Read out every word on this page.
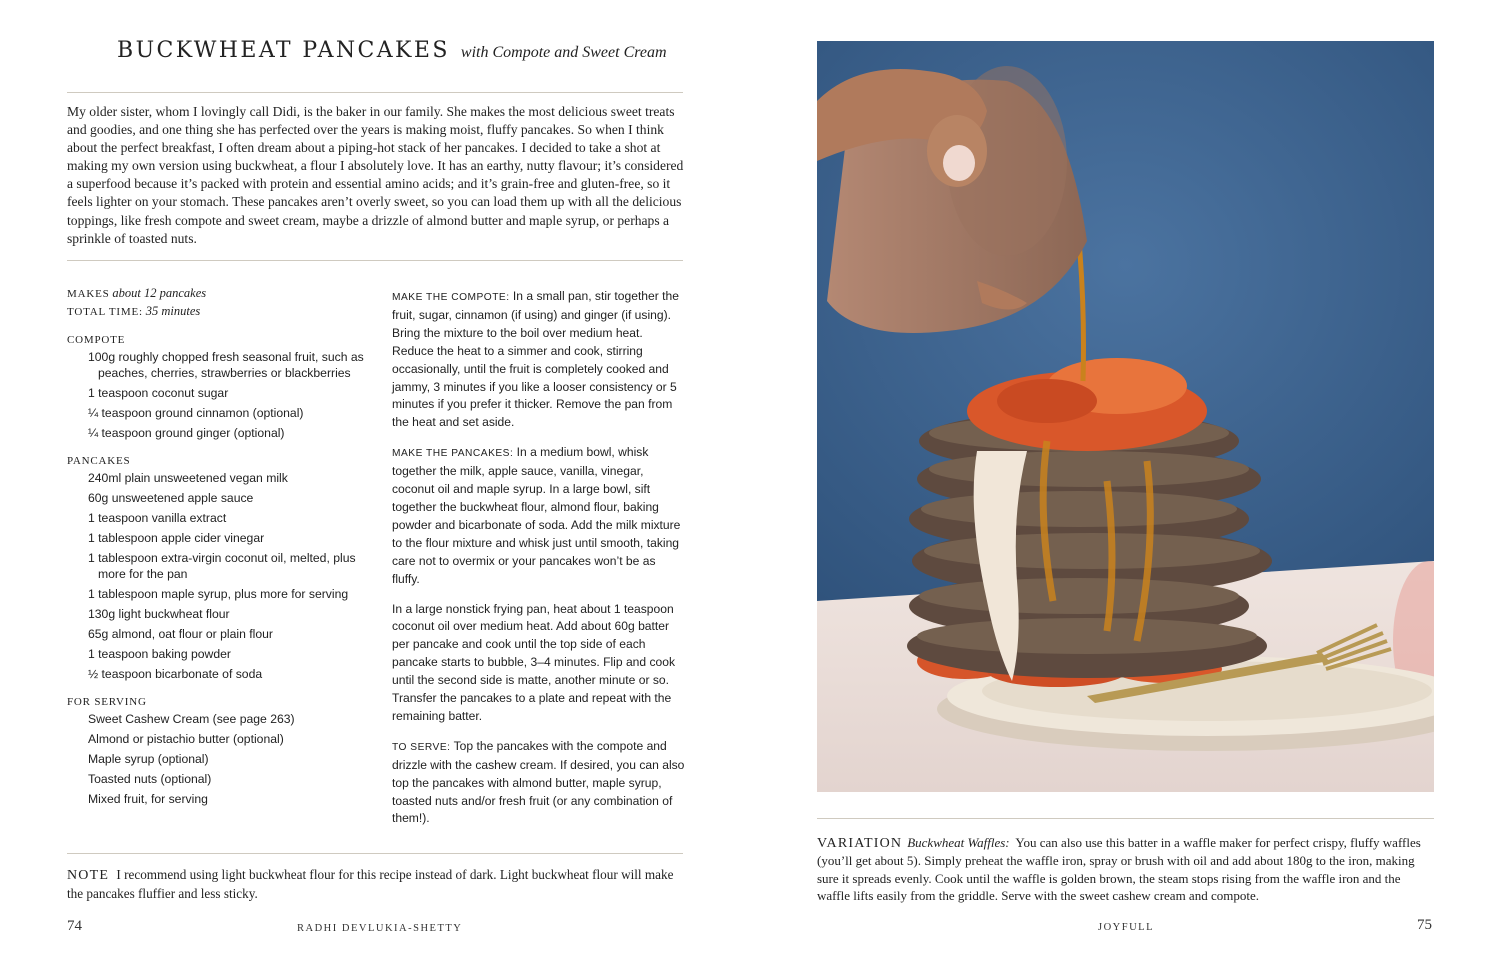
BUCKWHEAT PANCAKES with Compote and Sweet Cream

My older sister, whom I lovingly call Didi, is the baker in our family. She makes the most delicious sweet treats and goodies, and one thing she has perfected over the years is making moist, fluffy pancakes. So when I think about the perfect breakfast, I often dream about a piping-hot stack of her pancakes. I decided to take a shot at making my own version using buckwheat, a flour I absolutely love. It has an earthy, nutty flavour; it’s considered a superfood because it’s packed with protein and essential amino acids; and it’s grain-free and gluten-free, so it feels lighter on your stomach. These pancakes aren’t overly sweet, so you can load them up with all the delicious toppings, like fresh compote and sweet cream, maybe a drizzle of almond butter and maple syrup, or perhaps a sprinkle of toasted nuts.

MAKES about 12 pancakes
TOTAL TIME: 35 minutes
COMPOTE
100g roughly chopped fresh seasonal fruit, such as peaches, cherries, strawberries or blackberries
1 teaspoon coconut sugar
¼ teaspoon ground cinnamon (optional)
¼ teaspoon ground ginger (optional)
PANCAKES
240ml plain unsweetened vegan milk
60g unsweetened apple sauce
1 teaspoon vanilla extract
1 tablespoon apple cider vinegar
1 tablespoon extra-virgin coconut oil, melted, plus more for the pan
1 tablespoon maple syrup, plus more for serving
130g light buckwheat flour
65g almond, oat flour or plain flour
1 teaspoon baking powder
½ teaspoon bicarbonate of soda
FOR SERVING
Sweet Cashew Cream (see page 263)
Almond or pistachio butter (optional)
Maple syrup (optional)
Toasted nuts (optional)
Mixed fruit, for serving

MAKE THE COMPOTE: In a small pan, stir together the fruit, sugar, cinnamon (if using) and ginger (if using). Bring the mixture to the boil over medium heat. Reduce the heat to a simmer and cook, stirring occasionally, until the fruit is completely cooked and jammy, 3 minutes if you like a looser consistency or 5 minutes if you prefer it thicker. Remove the pan from the heat and set aside.

MAKE THE PANCAKES: In a medium bowl, whisk together the milk, apple sauce, vanilla, vinegar, coconut oil and maple syrup. In a large bowl, sift together the buckwheat flour, almond flour, baking powder and bicarbonate of soda. Add the milk mixture to the flour mixture and whisk just until smooth, taking care not to overmix or your pancakes won’t be as fluffy.

In a large nonstick frying pan, heat about 1 teaspoon coconut oil over medium heat. Add about 60g batter per pancake and cook until the top side of each pancake starts to bubble, 3–4 minutes. Flip and cook until the second side is matte, another minute or so. Transfer the pancakes to a plate and repeat with the remaining batter.

TO SERVE: Top the pancakes with the compote and drizzle with the cashew cream. If desired, you can also top the pancakes with almond butter, maple syrup, toasted nuts and/or fresh fruit (or any combination of them!).

NOTE I recommend using light buckwheat flour for this recipe instead of dark. Light buckwheat flour will make the pancakes fluffier and less sticky.

74	RADHI DEVLUKIA-SHETTY

VARIATION Buckwheat Waffles: You can also use this batter in a waffle maker for perfect crispy, fluffy waffles (you’ll get about 5). Simply preheat the waffle iron, spray or brush with oil and add about 180g to the iron, making sure it spreads evenly. Cook until the waffle is golden brown, the steam stops rising from the waffle iron and the waffle lifts easily from the griddle. Serve with the sweet cashew cream and compote.

JOYFULL	75
